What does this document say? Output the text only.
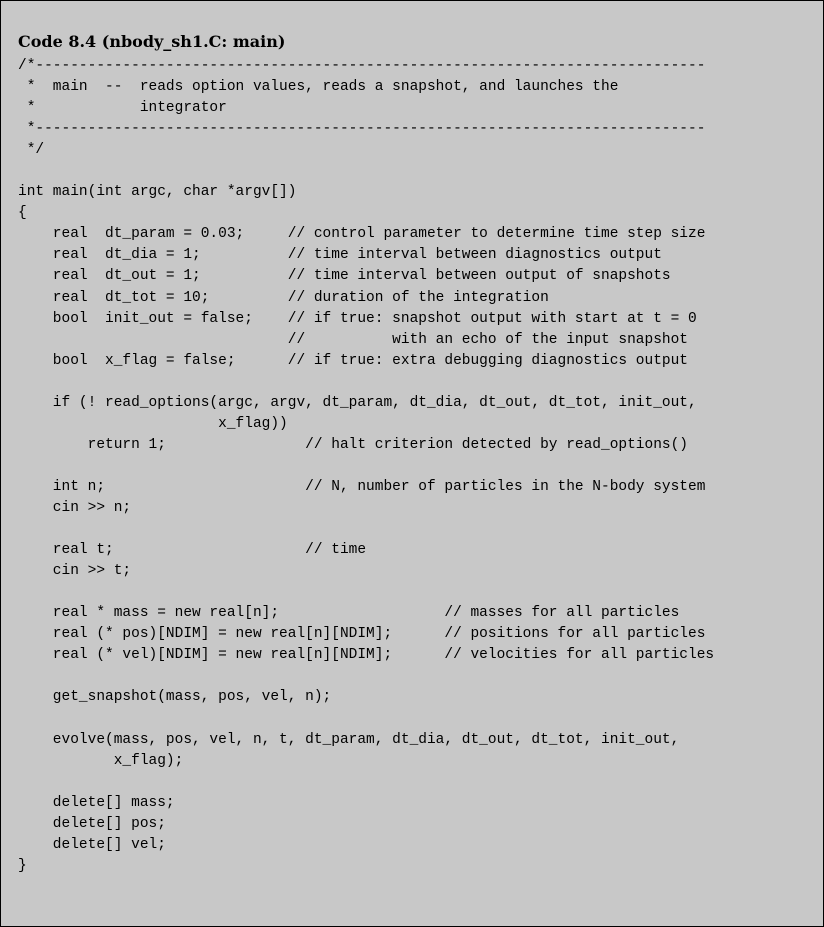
Code 8.4 (nbody_sh1.C: main)
/*-----------------------------------------------------------------------------
*  main  --  reads option values, reads a snapshot, and launches the
*            integrator
*-----------------------------------------------------------------------------
*/
int main(int argc, char *argv[])
{
real  dt_param = 0.03;     // control parameter to determine time step size
real  dt_dia = 1;          // time interval between diagnostics output
real  dt_out = 1;          // time interval between output of snapshots
real  dt_tot = 10;         // duration of the integration
bool  init_out = false;    // if true: snapshot output with start at t = 0
//          with an echo of the input snapshot
bool  x_flag = false;      // if true: extra debugging diagnostics output
if (! read_options(argc, argv, dt_param, dt_dia, dt_out, dt_tot, init_out,
x_flag))
return 1;                // halt criterion detected by read_options()
int n;                       // N, number of particles in the N-body system
cin >> n;
real t;                      // time
cin >> t;
real * mass = new real[n];                   // masses for all particles
real (* pos)[NDIM] = new real[n][NDIM];      // positions for all particles
real (* vel)[NDIM] = new real[n][NDIM];      // velocities for all particles
get_snapshot(mass, pos, vel, n);
evolve(mass, pos, vel, n, t, dt_param, dt_dia, dt_out, dt_tot, init_out,
x_flag);
delete[] mass;
delete[] pos;
delete[] vel;
}
